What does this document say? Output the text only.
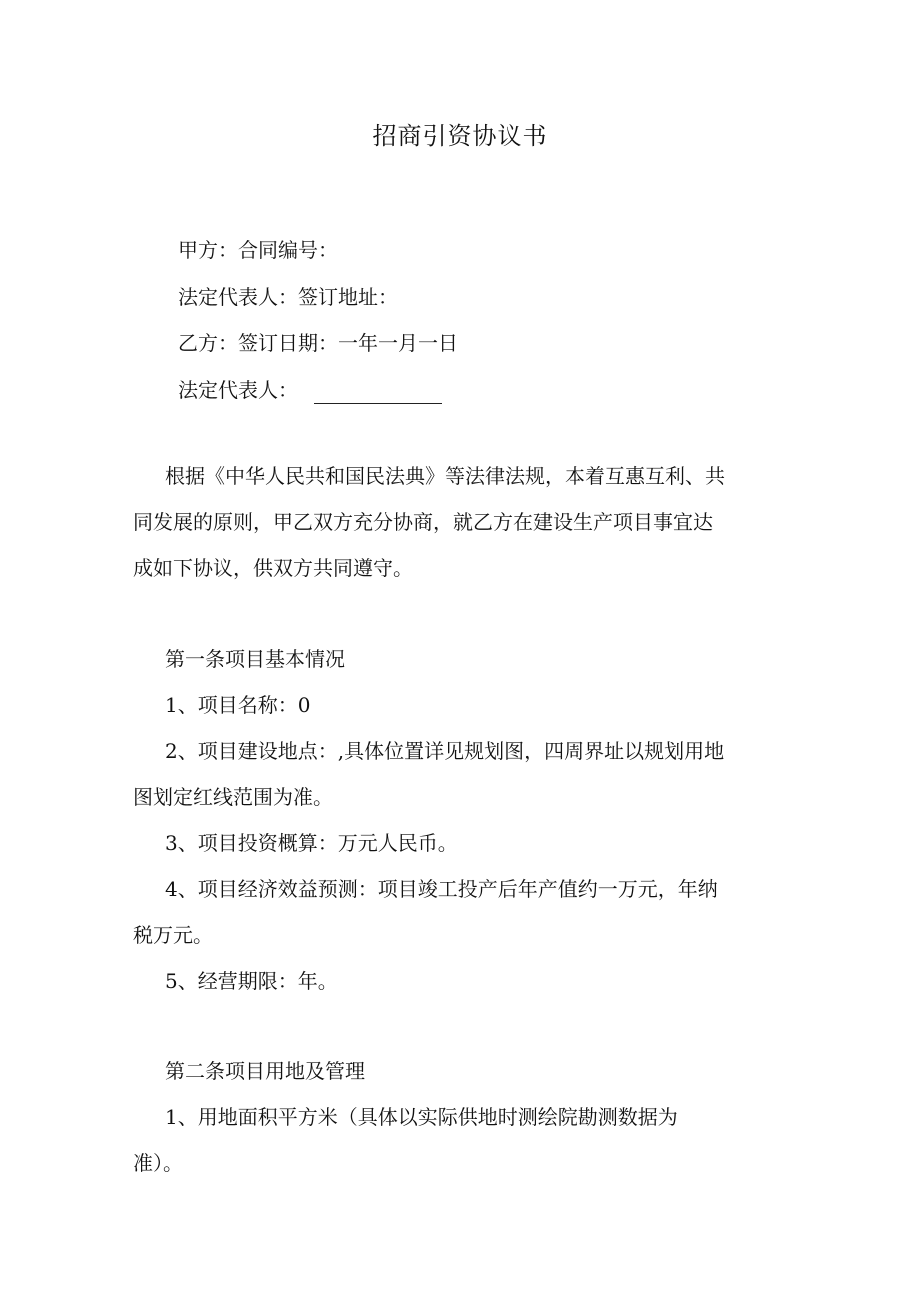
招商引资协议书
甲方：合同编号：
法定代表人：签订地址：
乙方：签订日期：一年一月一日
法定代表人：
根据《中华人民共和国民法典》等法律法规，本着互惠互利、共
同发展的原则，甲乙双方充分协商，就乙方在建设生产项目事宜达
成如下协议，供双方共同遵守。
第一条项目基本情况
1、项目名称：0
2、项目建设地点：,具体位置详见规划图，四周界址以规划用地
图划定红线范围为准。
3、项目投资概算：万元人民币。
4、项目经济效益预测：项目竣工投产后年产值约一万元，年纳
税万元。
5、经营期限：年。
第二条项目用地及管理
1、用地面积平方米（具体以实际供地时测绘院勘测数据为
准）。
